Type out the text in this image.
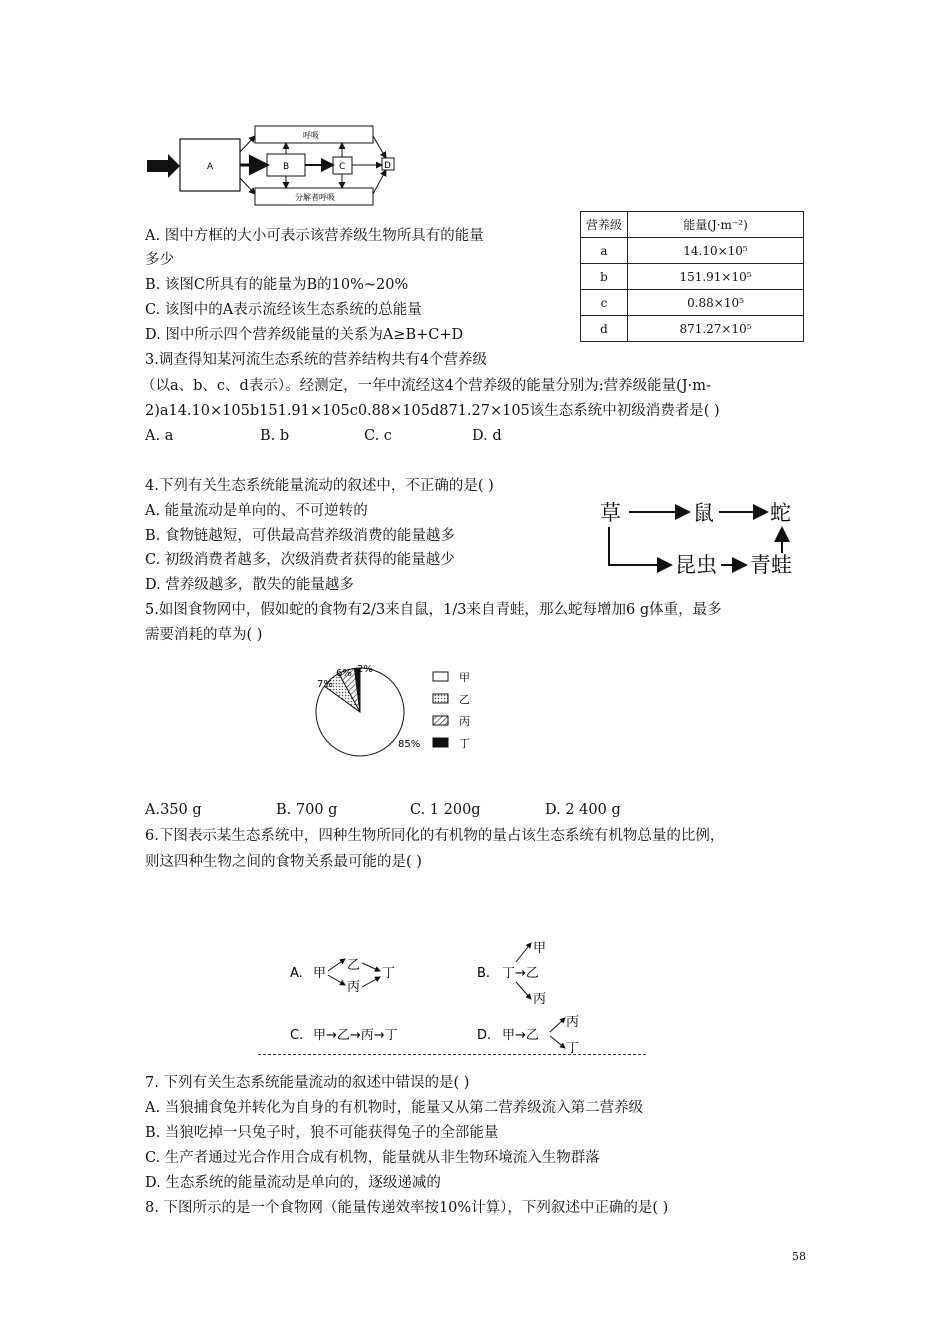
A
呼吸
分解者呼吸
B	C	D
营养级	能量(J·m⁻²)
a	14.10×10⁵
b	151.91×10⁵
c	0.88×10⁵
d	871.27×10⁵
A. 图中方框的大小可表示该营养级生物所具有的能量
多少
B. 该图C所具有的能量为B的10%~20%
C. 该图中的A表示流经该生态系统的总能量
D. 图中所示四个营养级能量的关系为A≥B+C+D
3.调查得知某河流生态系统的营养结构共有4个营养级
（以a、b、c、d表示）。经测定，一年中流经这4个营养级的能量分别为:营养级能量(J·m-
2)a14.10×105b151.91×105c0.88×105d871.27×105该生态系统中初级消费者是( )
A. a	B. b	C. c	D. d
4.下列有关生态系统能量流动的叙述中，不正确的是( )
A. 能量流动是单向的、不可逆转的
B. 食物链越短，可供最高营养级消费的能量越多
C. 初级消费者越多，次级消费者获得的能量越少
D. 营养级越多，散失的能量越多
草	鼠	蛇
昆虫 青蛙
5.如图食物网中，假如蛇的食物有2/3来自鼠，1/3来自青蛙，那么蛇每增加6 g体重，最多
需要消耗的草为( )
85%
7%
6% 2%
甲
乙
丙
丁
A.350 g	B. 700 g	C. 1 200g	D. 2 400 g
6.下图表示某生态系统中，四种生物所同化的有机物的量占该生态系统有机物总量的比例，
则这四种生物之间的食物关系最可能的是( )
A. 甲
乙
丙
丁	B.
甲
丁→乙
丙
C. 甲→乙→丙→丁	D. 甲→乙
丙
丁
7. 下列有关生态系统能量流动的叙述中错误的是( )
A. 当狼捕食兔并转化为自身的有机物时，能量又从第二营养级流入第二营养级
B. 当狼吃掉一只兔子时，狼不可能获得兔子的全部能量
C. 生产者通过光合作用合成有机物，能量就从非生物环境流入生物群落
D. 生态系统的能量流动是单向的，逐级递减的
8. 下图所示的是一个食物网（能量传递效率按10%计算），下列叙述中正确的是( )
58
